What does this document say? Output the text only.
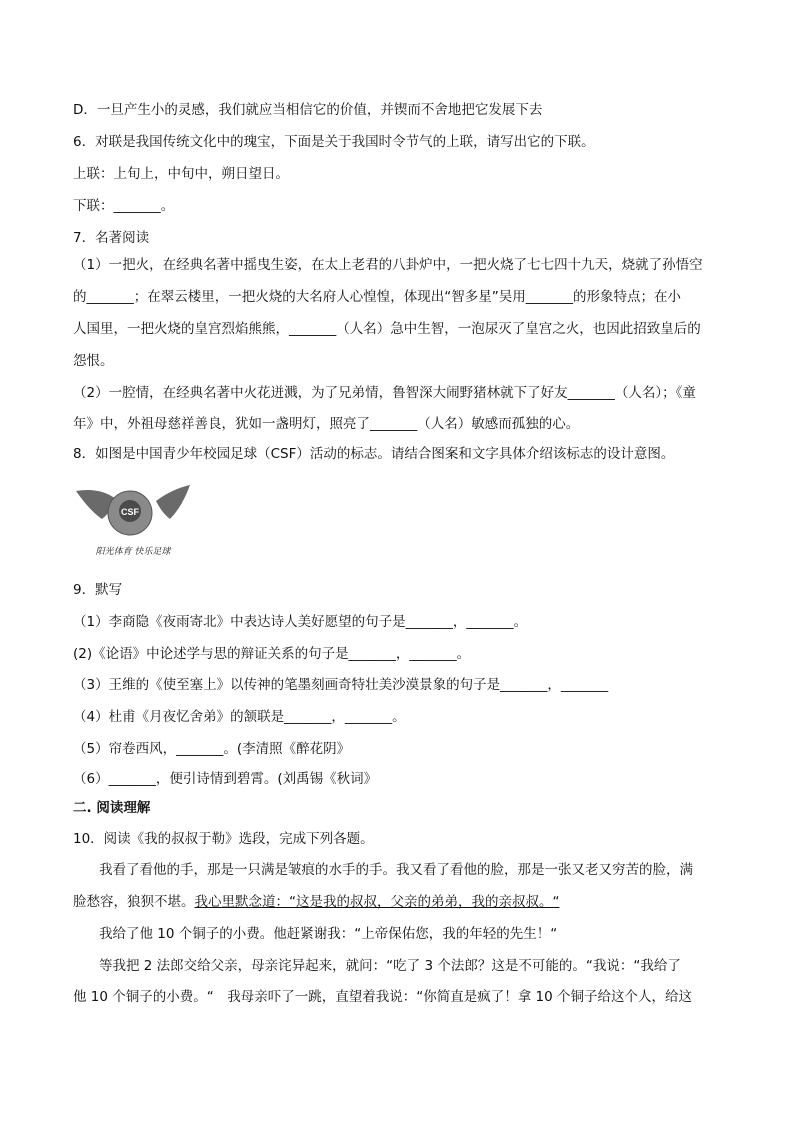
D．一旦产生小的灵感，我们就应当相信它的价值，并锲而不舍地把它发展下去
6．对联是我国传统文化中的瑰宝，下面是关于我国时令节气的上联，请写出它的下联。
上联：上旬上，中旬中，朔日望日。
下联：_______。
7．名著阅读
（1）一把火，在经典名著中摇曳生姿，在太上老君的八卦炉中，一把火烧了七七四十九天，烧就了孙悟空
的_______；在翠云楼里，一把火烧的大名府人心惶惶，体现出“智多星”吴用_______的形象特点；在小
人国里，一把火烧的皇宫烈焰熊熊，_______（人名）急中生智，一泡尿灭了皇宫之火，也因此招致皇后的
怨恨。
（2）一腔情，在经典名著中火花迸溅，为了兄弟情，鲁智深大闹野猪林就下了好友_______（人名）；《童
年》中，外祖母慈祥善良，犹如一盏明灯，照亮了_______（人名）敏感而孤独的心。
8．如图是中国青少年校园足球（CSF）活动的标志。请结合图案和文字具体介绍该标志的设计意图。
CSF
阳光体育 快乐足球
9．默写
（1）李商隐《夜雨寄北》中表达诗人美好愿望的句子是_______，_______。
(2)《论语》中论述学与思的辩证关系的句子是_______，_______。
（3）王维的《使至塞上》以传神的笔墨刻画奇特壮美沙漠景象的句子是_______，_______
（4）杜甫《月夜忆舍弟》的颔联是_______，_______。
（5）帘卷西风，_______。(李清照《醉花阴》
（6）_______，便引诗情到碧霄。(刘禹锡《秋词》
二. 阅读理解
10．阅读《我的叔叔于勒》选段，完成下列各题。
我看了看他的手，那是一只满是皱痕的水手的手。我又看了看他的脸，那是一张又老又穷苦的脸，满
脸愁容，狼狈不堪。我心里默念道：“这是我的叔叔，父亲的弟弟，我的亲叔叔。“
我给了他 10 个铜子的小费。他赶紧谢我：“上帝保佑您，我的年轻的先生！“
等我把 2 法郎交给父亲，母亲诧异起来，就问：“吃了 3 个法郎？这是不可能的。“我说：“我给了
他 10 个铜子的小费。“　我母亲吓了一跳，直望着我说：“你简直是疯了！拿 10 个铜子给这个人，给这
